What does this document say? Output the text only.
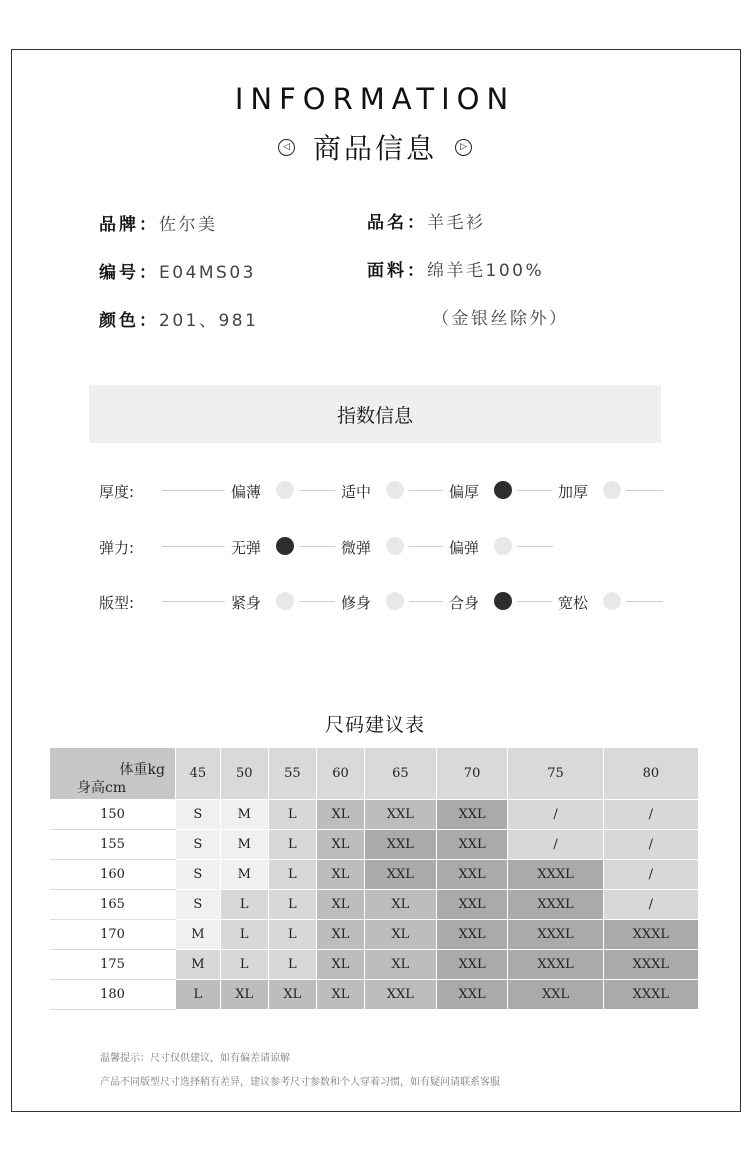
INFORMATION
◁ 商品信息	▷
品牌：佐尔美	品名：羊毛衫
编号：E04MS03	面料：绵羊毛100%
颜色：201、981	（金银丝除外）
指数信息
厚度:	偏薄	适中	偏厚	加厚
弹力:	无弹	微弹	偏弹
版型:	紧身	修身	合身	宽松
尺码建议表
体重kg
身高cm	45	50	55	60	65	70	75	80
150	S	M	L	XL	XXL	XXL	/	/
155	S	M	L	XL	XXL	XXL	/	/
160	S	M	L	XL	XXL	XXL	XXXL	/
165	S	L	L	XL	XL	XXL	XXXL	/
170	M	L	L	XL	XL	XXL	XXXL	XXXL
175	M	L	L	XL	XL	XXL	XXXL	XXXL
180	L	XL	XL	XL	XXL	XXL	XXL	XXXL
温馨提示：尺寸仅供建议，如有偏差请谅解
产品不同版型尺寸选择稍有差异，建议参考尺寸参数和个人穿着习惯，如有疑问请联系客服
